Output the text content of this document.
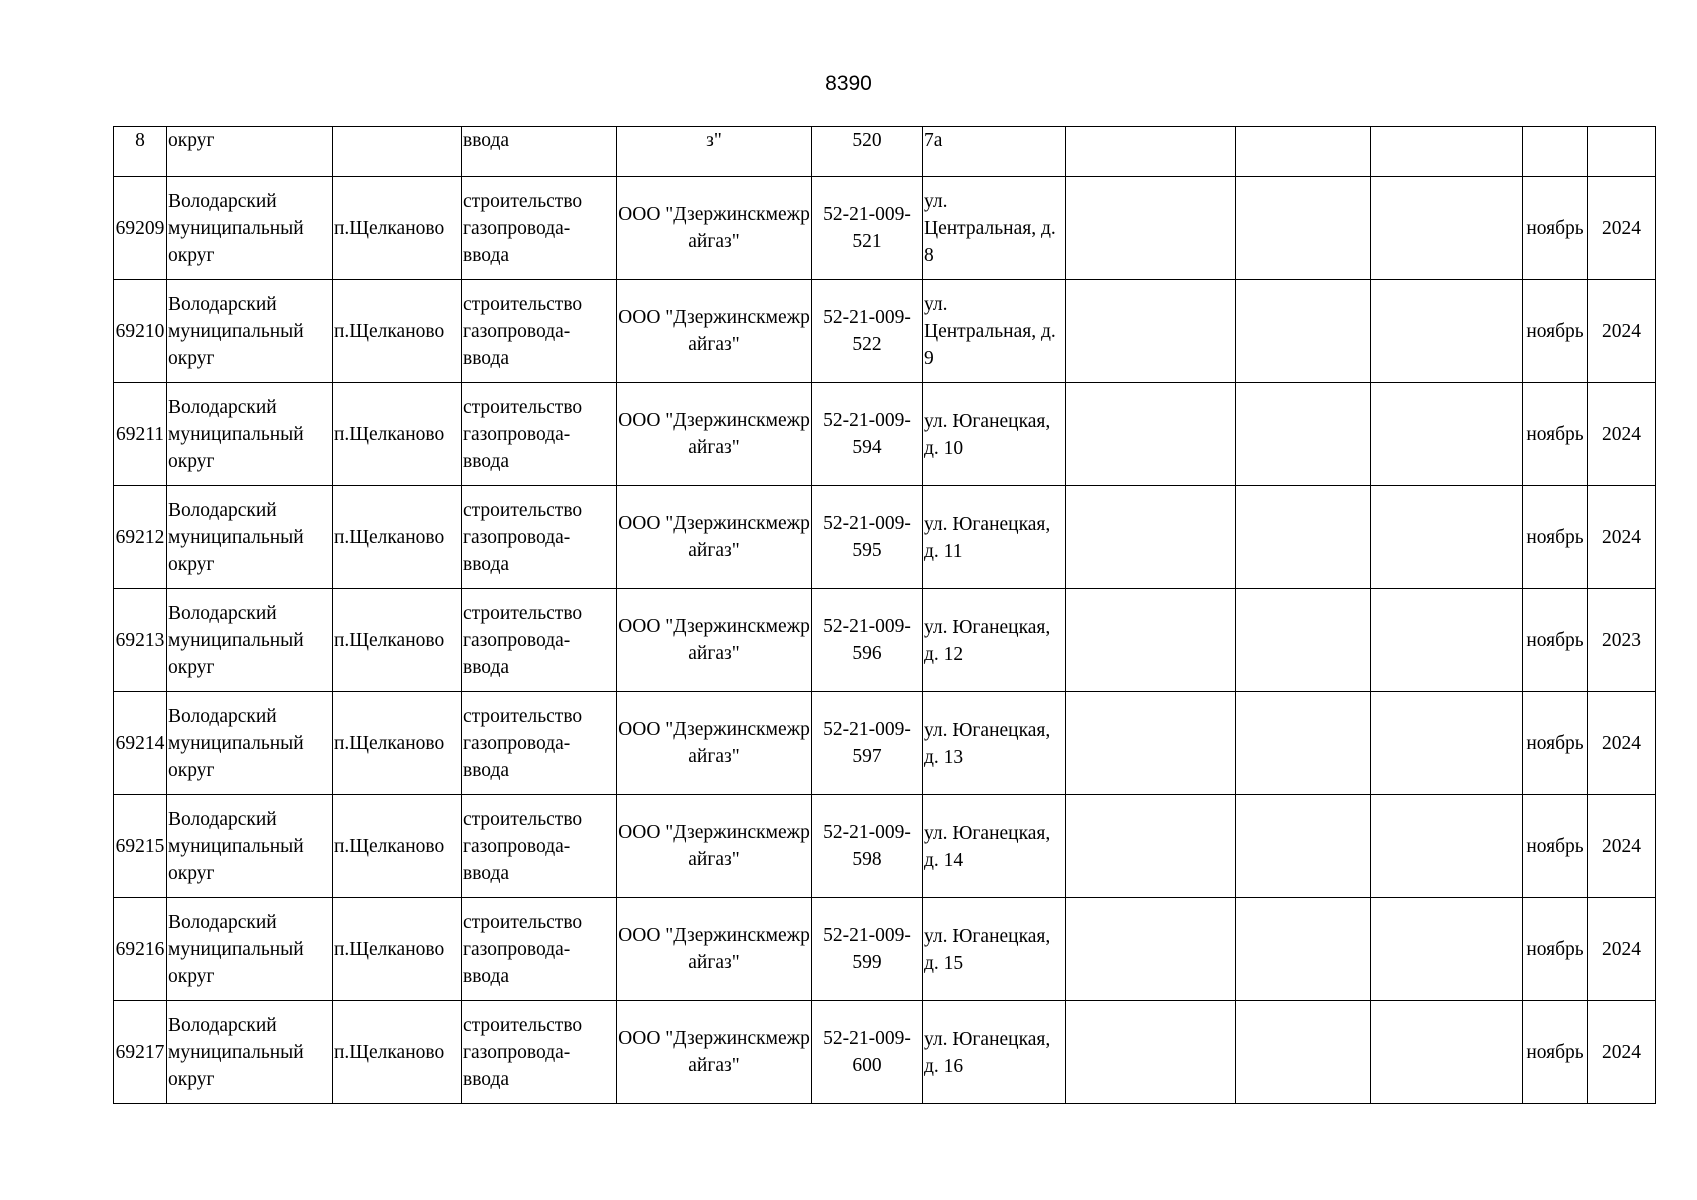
8390
8	округ		ввода	з"	520	7а					
69209	Володарский муниципальный округ	п.Щелканово	строительство газопровода-ввода	ООО "Дзержинскмежрайгаз"	52-21-009-521	ул. Центральная, д. 8				ноябрь	2024
69210	Володарский муниципальный округ	п.Щелканово	строительство газопровода-ввода	ООО "Дзержинскмежрайгаз"	52-21-009-522	ул. Центральная, д. 9				ноябрь	2024
69211	Володарский муниципальный округ	п.Щелканово	строительство газопровода-ввода	ООО "Дзержинскмежрайгаз"	52-21-009-594	ул. Юганецкая, д. 10				ноябрь	2024
69212	Володарский муниципальный округ	п.Щелканово	строительство газопровода-ввода	ООО "Дзержинскмежрайгаз"	52-21-009-595	ул. Юганецкая, д. 11				ноябрь	2024
69213	Володарский муниципальный округ	п.Щелканово	строительство газопровода-ввода	ООО "Дзержинскмежрайгаз"	52-21-009-596	ул. Юганецкая, д. 12				ноябрь	2023
69214	Володарский муниципальный округ	п.Щелканово	строительство газопровода-ввода	ООО "Дзержинскмежрайгаз"	52-21-009-597	ул. Юганецкая, д. 13				ноябрь	2024
69215	Володарский муниципальный округ	п.Щелканово	строительство газопровода-ввода	ООО "Дзержинскмежрайгаз"	52-21-009-598	ул. Юганецкая, д. 14				ноябрь	2024
69216	Володарский муниципальный округ	п.Щелканово	строительство газопровода-ввода	ООО "Дзержинскмежрайгаз"	52-21-009-599	ул. Юганецкая, д. 15				ноябрь	2024
69217	Володарский муниципальный округ	п.Щелканово	строительство газопровода-ввода	ООО "Дзержинскмежрайгаз"	52-21-009-600	ул. Юганецкая, д. 16				ноябрь	2024
